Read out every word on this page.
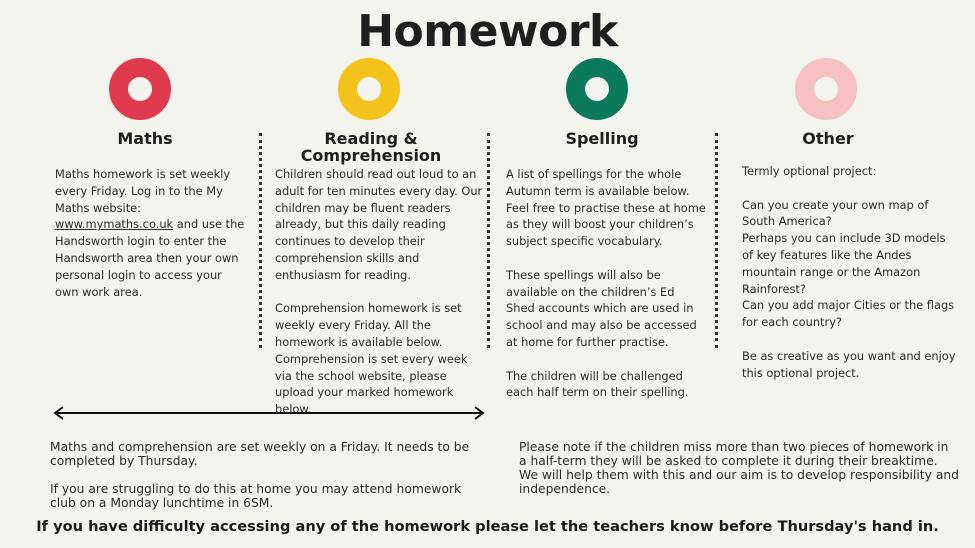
Homework
Maths	Reading &
Comprehension
Spelling	Other

Maths homework is set weekly every Friday. Log in to the My Maths website:
www.mymaths.co.uk and use the Handsworth login to enter the Handsworth area then your own personal login to access your own work area.

Children should read out loud to an adult for ten minutes every day. Our children may be fluent readers already, but this daily reading continues to develop their comprehension skills and enthusiasm for reading.

Comprehension homework is set weekly every Friday. All the homework is available below. Comprehension is set every week via the school website, please upload your marked homework below.

A list of spellings for the whole Autumn term is available below. Feel free to practise these at home as they will boost your children’s subject specific vocabulary.

These spellings will also be available on the children’s Ed Shed accounts which are used in school and may also be accessed at home for further practise.

The children will be challenged each half term on their spelling.

Termly optional project:

Can you create your own map of South America?
Perhaps you can include 3D models of key features like the Andes mountain range or the Amazon Rainforest?
Can you add major Cities or the flags for each country?

Be as creative as you want and enjoy this optional project.

Maths and comprehension are set weekly on a Friday. It needs to be completed by Thursday.

If you are struggling to do this at home you may attend homework club on a Monday lunchtime in 6SM.

Please note if the children miss more than two pieces of homework in a half-term they will be asked to complete it during their breaktime. We will help them with this and our aim is to develop responsibility and independence.

If you have difficulty accessing any of the homework please let the teachers know before Thursday's hand in.
